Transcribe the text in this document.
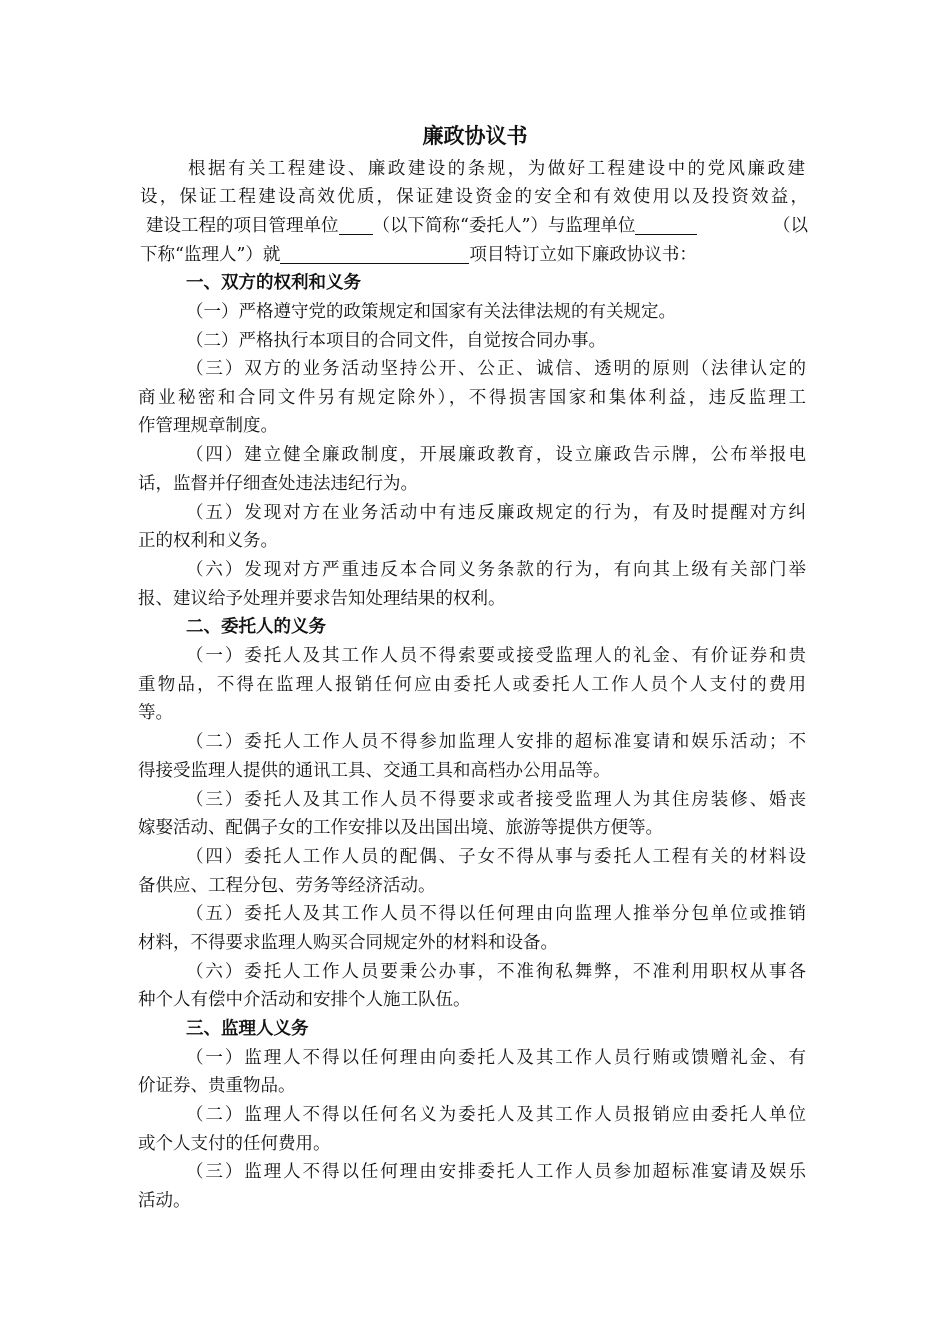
廉政协议书
根据有关工程建设、廉政建设的条规，为做好工程建设中的党风廉政建
设，保证工程建设高效优质，保证建设资金的安全和有效使用以及投资效益，
建设工程的项目管理单位 （以下简称“委托人”）与监理单位	（以
下称“监理人”）就	项目特订立如下廉政协议书：
一、双方的权利和义务
（一）严格遵守党的政策规定和国家有关法律法规的有关规定。
（二）严格执行本项目的合同文件，自觉按合同办事。
（三）双方的业务活动坚持公开、公正、诚信、透明的原则（法律认定的
商业秘密和合同文件另有规定除外），不得损害国家和集体利益，违反监理工
作管理规章制度。
（四）建立健全廉政制度，开展廉政教育，设立廉政告示牌，公布举报电
话，监督并仔细查处违法违纪行为。
（五）发现对方在业务活动中有违反廉政规定的行为，有及时提醒对方纠
正的权利和义务。
（六）发现对方严重违反本合同义务条款的行为，有向其上级有关部门举
报、建议给予处理并要求告知处理结果的权利。
二、委托人的义务
（一）委托人及其工作人员不得索要或接受监理人的礼金、有价证券和贵
重物品，不得在监理人报销任何应由委托人或委托人工作人员个人支付的费用
等。
（二）委托人工作人员不得参加监理人安排的超标准宴请和娱乐活动；不
得接受监理人提供的通讯工具、交通工具和高档办公用品等。
（三）委托人及其工作人员不得要求或者接受监理人为其住房装修、婚丧
嫁娶活动、配偶子女的工作安排以及出国出境、旅游等提供方便等。
（四）委托人工作人员的配偶、子女不得从事与委托人工程有关的材料设
备供应、工程分包、劳务等经济活动。
（五）委托人及其工作人员不得以任何理由向监理人推举分包单位或推销
材料，不得要求监理人购买合同规定外的材料和设备。
（六）委托人工作人员要秉公办事，不准徇私舞弊，不准利用职权从事各
种个人有偿中介活动和安排个人施工队伍。
三、监理人义务
（一）监理人不得以任何理由向委托人及其工作人员行贿或馈赠礼金、有
价证券、贵重物品。
（二）监理人不得以任何名义为委托人及其工作人员报销应由委托人单位
或个人支付的任何费用。
（三）监理人不得以任何理由安排委托人工作人员参加超标准宴请及娱乐
活动。
